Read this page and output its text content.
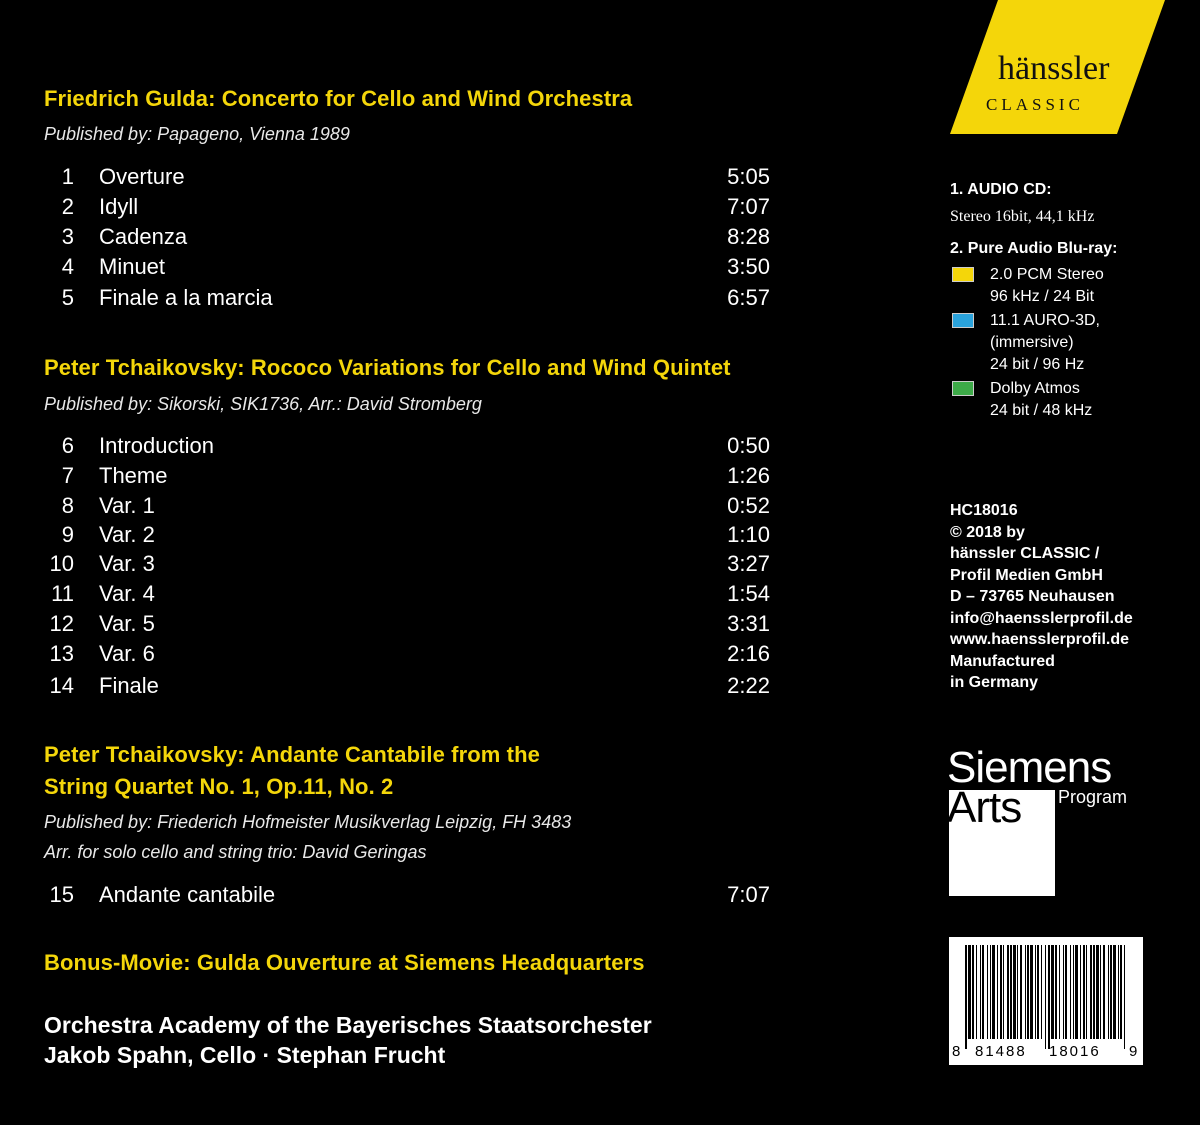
Friedrich Gulda: Concerto for Cello and Wind Orchestra
Published by: Papageno, Vienna 1989
1 Overture	5:05
2 Idyll	7:07
3 Cadenza	8:28
4 Minuet	3:50
5 Finale a la marcia	6:57
Peter Tchaikovsky: Rococo Variations for Cello and Wind Quintet
Published by: Sikorski, SIK1736, Arr.: David Stromberg
6 Introduction	0:50
7 Theme	1:26
8 Var. 1	0:52
9 Var. 2	1:10
10 Var. 3	3:27
11 Var. 4	1:54
12 Var. 5	3:31
13 Var. 6	2:16
14 Finale	2:22
Peter Tchaikovsky: Andante Cantabile from the
String Quartet No. 1, Op.11, No. 2
Published by: Friederich Hofmeister Musikverlag Leipzig, FH 3483
Arr. for solo cello and string trio: David Geringas
15 Andante cantabile	7:07
Bonus-Movie: Gulda Ouverture at Siemens Headquarters
Orchestra Academy of the Bayerisches Staatsorchester
Jakob Spahn, Cello · Stephan Frucht
hänssler
CLASSIC
1. AUDIO CD:
Stereo 16bit, 44,1 kHz
2. Pure Audio Blu-ray:
2.0 PCM Stereo
96 kHz / 24 Bit
11.1 AURO-3D,
(immersive)
24 bit / 96 Hz
Dolby Atmos
24 bit / 48 kHz
HC18016
© 2018 by
hänssler CLASSIC /
Profil Medien GmbH
D – 73765 Neuhausen
info@haensslerprofil.de
www.haensslerprofil.de
Manufactured
in Germany
Siemens
Arts Program
8 81488 18016 9
